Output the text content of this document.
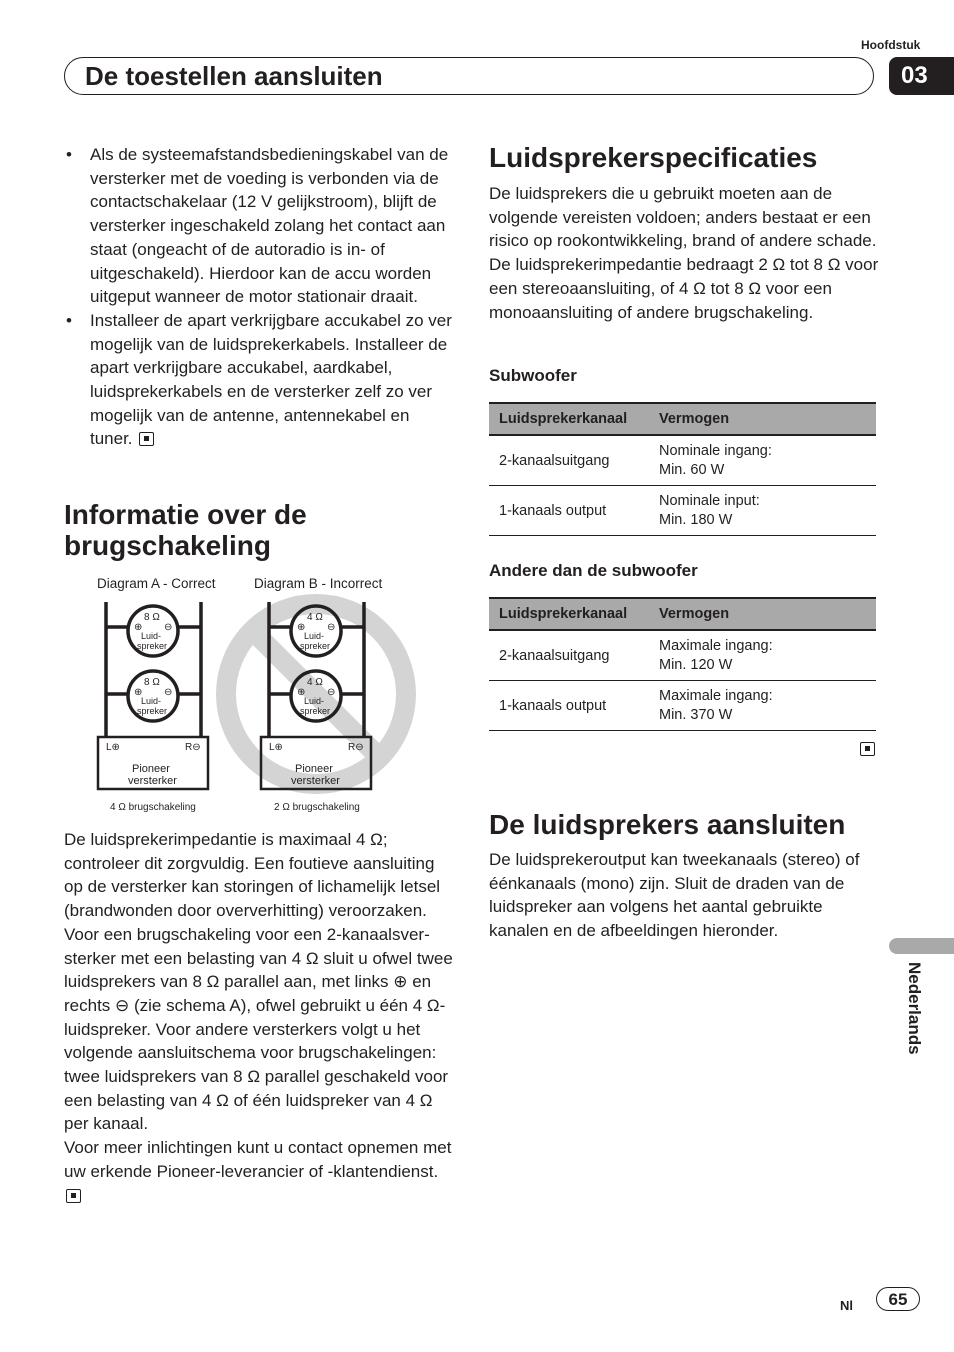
Hoofdstuk
De toestellen aansluiten	03
• Als de systeemafstandsbedieningskabel van de versterker met de voeding is verbonden via de contactschakelaar (12 V gelijkstroom), blijft de versterker ingeschakeld zolang het contact aan staat (ongeacht of de autoradio is in- of uitgeschakeld). Hierdoor kan de accu worden uitgeput wanneer de motor stationair draait.
• Installeer de apart verkrijgbare accukabel zo ver mogelijk van de luidsprekerkabels. Installeer de apart verkrijgbare accukabel, aardkabel, luidsprekerkabels en de versterker zelf zo ver mogelijk van de antenne, antennekabel en tuner.
Informatie over de brugschakeling
Diagram A - Correct	Diagram B - Incorrect
8 Ω
Luid-
spreker
⊕ ⊖
8 Ω
Luid-
spreker
⊕ ⊖
L⊕	R⊖
Pioneer
versterker
4 Ω brugschakeling
4 Ω
Luid-
spreker
⊕ ⊖
4 Ω
Luid-
spreker
⊕ ⊖
L⊕	R⊖
Pioneer
versterker
2 Ω brugschakeling
De luidsprekerimpedantie is maximaal 4 Ω; controleer dit zorgvuldig. Een foutieve aansluiting op de versterker kan storingen of lichamelijk letsel (brandwonden door oververhitting) veroorzaken. Voor een brugschakeling voor een 2-kanaalsversterker met een belasting van 4 Ω sluit u ofwel twee luidsprekers van 8 Ω parallel aan, met links ⊕ en rechts ⊖ (zie schema A), ofwel gebruikt u één 4 Ω-luidspreker. Voor andere versterkers volgt u het volgende aansluitschema voor brugschakelingen: twee luidsprekers van 8 Ω parallel geschakeld voor een belasting van 4 Ω of één luidspreker van 4 Ω per kanaal.
Voor meer inlichtingen kunt u contact opnemen met uw erkende Pioneer-leverancier of -klantendienst.
Luidsprekerspecificaties
De luidsprekers die u gebruikt moeten aan de volgende vereisten voldoen; anders bestaat er een risico op rookontwikkeling, brand of andere schade. De luidsprekerimpedantie bedraagt 2 Ω tot 8 Ω voor een stereoaansluiting, of 4 Ω tot 8 Ω voor een monoaansluiting of andere brugschakeling.
Subwoofer
Luidsprekerkanaal	Vermogen
2-kanaalsuitgang	Nominale ingang:
Min. 60 W
1-kanaals output	Nominale input:
Min. 180 W
Andere dan de subwoofer
Luidsprekerkanaal	Vermogen
2-kanaalsuitgang	Maximale ingang:
Min. 120 W
1-kanaals output	Maximale ingang:
Min. 370 W
De luidsprekers aansluiten
De luidsprekeroutput kan tweekanaals (stereo) of éénkanaals (mono) zijn. Sluit de draden van de luidspreker aan volgens het aantal gebruikte kanalen en de afbeeldingen hieronder.
Nederlands
Nl	65
